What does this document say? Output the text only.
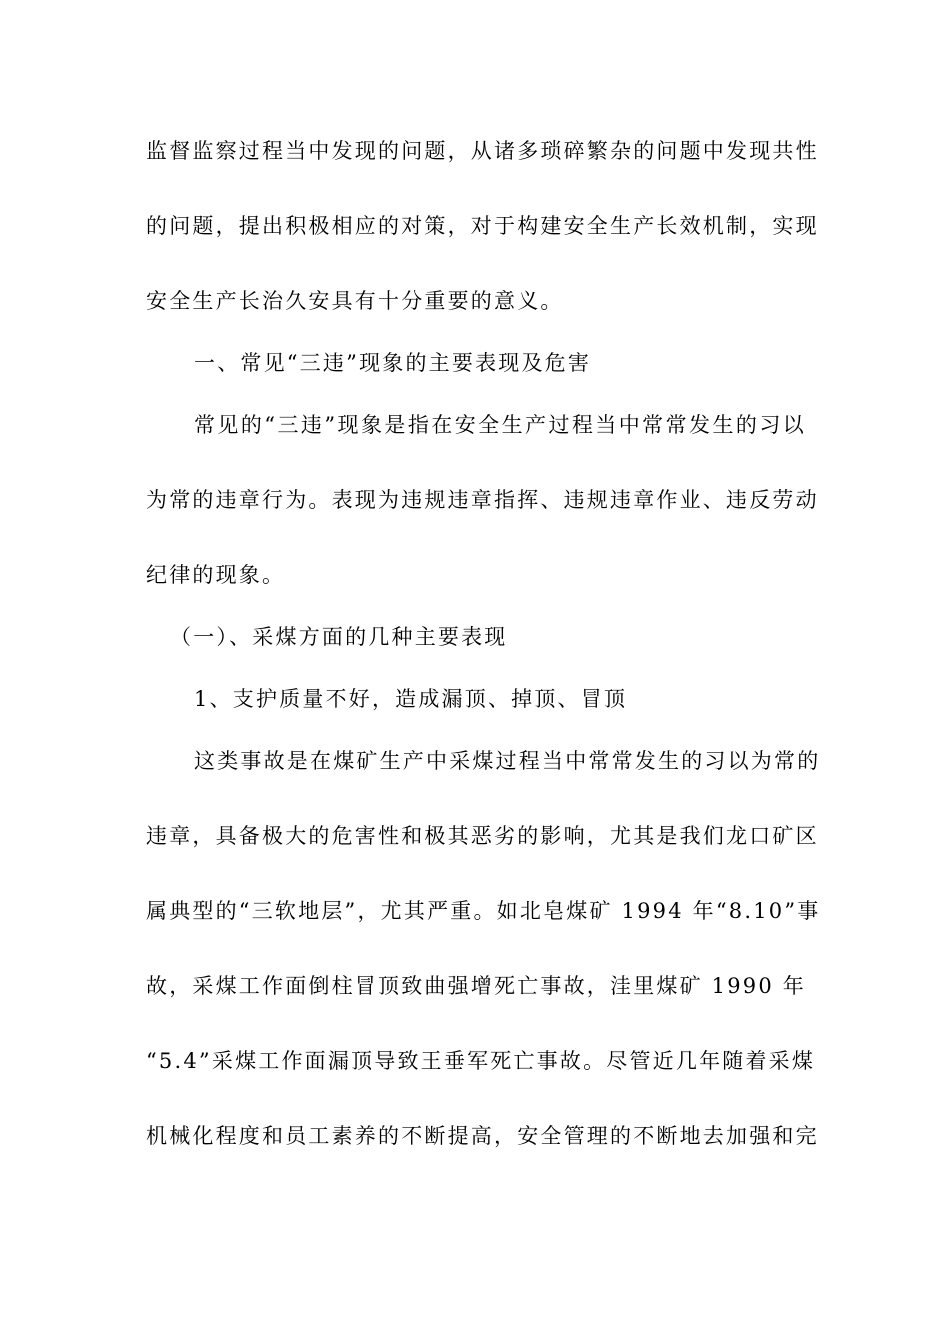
监督监察过程当中发现的问题，从诸多琐碎繁杂的问题中发现共性
的问题，提出积极相应的对策，对于构建安全生产长效机制，实现
安全生产长治久安具有十分重要的意义。
一、常见“三违”现象的主要表现及危害
常见的“三违”现象是指在安全生产过程当中常常发生的习以
为常的违章行为。表现为违规违章指挥、违规违章作业、违反劳动
纪律的现象。
（一）、采煤方面的几种主要表现
1、支护质量不好，造成漏顶、掉顶、冒顶
这类事故是在煤矿生产中采煤过程当中常常发生的习以为常的
违章，具备极大的危害性和极其恶劣的影响，尤其是我们龙口矿区
属典型的“三软地层”，尤其严重。如北皂煤矿 1994 年“8.10”事
故，采煤工作面倒柱冒顶致曲强增死亡事故，洼里煤矿 1990 年
“5.4”采煤工作面漏顶导致王垂军死亡事故。尽管近几年随着采煤
机械化程度和员工素养的不断提高，安全管理的不断地去加强和完
